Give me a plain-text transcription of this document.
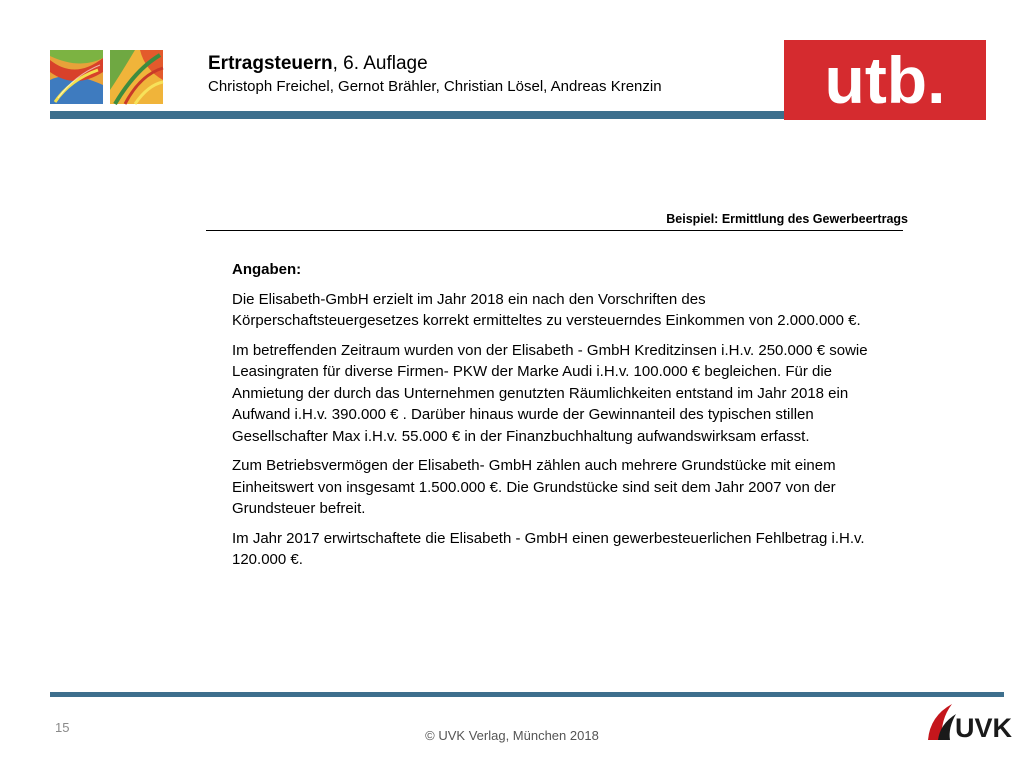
Ertragsteuern, 6. Auflage
Christoph Freichel, Gernot Brähler, Christian Lösel, Andreas Krenzin utb.
Beispiel: Ermittlung des Gewerbeertrags
Angaben:

Die Elisabeth-GmbH erzielt im Jahr 2018 ein nach den Vorschriften des Körperschaftsteuergesetzes korrekt ermitteltes zu versteuerndes Einkommen von 2.000.000 €.

Im betreffenden Zeitraum wurden von der Elisabeth - GmbH Kreditzinsen i.H.v. 250.000 € sowie Leasingraten für diverse Firmen- PKW der Marke Audi i.H.v. 100.000 € begleichen. Für die Anmietung der durch das Unternehmen genutzten Räumlichkeiten entstand im Jahr 2018 ein Aufwand i.H.v. 390.000 € . Darüber hinaus wurde der Gewinnanteil des typischen stillen Gesellschafter Max i.H.v. 55.000 € in der Finanzbuchhaltung aufwandswirksam erfasst.

Zum Betriebsvermögen der Elisabeth- GmbH zählen auch mehrere Grundstücke mit einem Einheitswert von insgesamt 1.500.000 €. Die Grundstücke sind seit dem Jahr 2007 von der Grundsteuer befreit.

Im Jahr 2017 erwirtschaftete die Elisabeth - GmbH einen gewerbesteuerlichen Fehlbetrag i.H.v. 120.000 €.

15
© UVK Verlag, München 2018	UVK
